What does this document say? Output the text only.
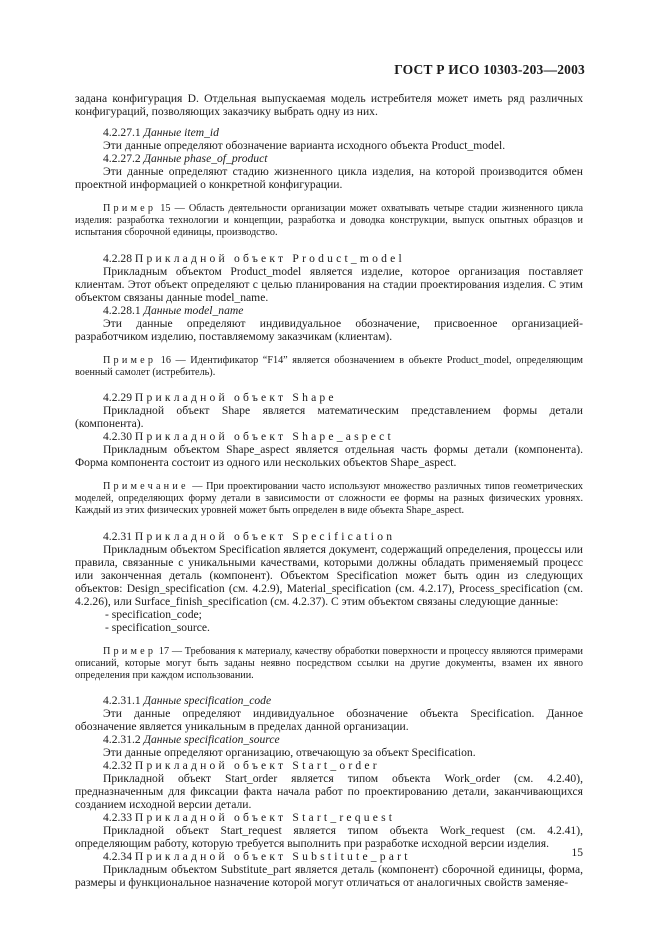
ГОСТ Р ИСО 10303-203—2003

задана конфигурация D. Отдельная выпускаемая модель истребителя может иметь ряд различных конфигураций, позволяющих заказчику выбрать одну из них.

4.2.27.1 Данные item_id

Эти данные определяют обозначение варианта исходного объекта Product_model.

4.2.27.2 Данные phase_of_product

Эти данные определяют стадию жизненного цикла изделия, на которой производится обмен проектной информацией о конкретной конфигурации.

Пример 15 — Область деятельности организации может охватывать четыре стадии жизненного цикла изделия: разработка технологии и концепции, разработка и доводка конструкции, выпуск опытных образцов и испытания сборочной единицы, производство.

4.2.28 Прикладной объект Product_model

Прикладным объектом Product_model является изделие, которое организация поставляет клиентам. Этот объект определяют с целью планирования на стадии проектирования изделия. С этим объектом связаны данные model_name.

4.2.28.1 Данные model_name

Эти данные определяют индивидуальное обозначение, присвоенное организацией-разработчиком изделию, поставляемому заказчикам (клиентам).

Пример 16 — Идентификатор “F14” является обозначением в объекте Product_model, определяющим военный самолет (истребитель).

4.2.29 Прикладной объект Shape

Прикладной объект Shape является математическим представлением формы детали (компонента).

4.2.30 Прикладной объект Shape_aspect

Прикладным объектом Shape_aspect является отдельная часть формы детали (компонента). Форма компонента состоит из одного или нескольких объектов Shape_aspect.

Примечание — При проектировании часто используют множество различных типов геометрических моделей, определяющих форму детали в зависимости от сложности ее формы на разных физических уровнях. Каждый из этих физических уровней может быть определен в виде объекта Shape_aspect.

4.2.31 Прикладной объект Specification

Прикладным объектом Specification является документ, содержащий определения, процессы или правила, связанные с уникальными качествами, которыми должны обладать применяемый процесс или законченная деталь (компонент). Объектом Specification может быть один из следующих объектов: Design_specification (см. 4.2.9), Material_specification (см. 4.2.17), Process_specification (см. 4.2.26), или Surface_finish_specification (см. 4.2.37). С этим объектом связаны следующие данные:

- specification_code;

- specification_source.

Пример 17 — Требования к материалу, качеству обработки поверхности и процессу являются примерами описаний, которые могут быть заданы неявно посредством ссылки на другие документы, взамен их явного определения при каждом использовании.

4.2.31.1 Данные specification_code

Эти данные определяют индивидуальное обозначение объекта Specification. Данное обозначение является уникальным в пределах данной организации.

4.2.31.2 Данные specification_source

Эти данные определяют организацию, отвечающую за объект Specification.

4.2.32 Прикладной объект Start_order

Прикладной объект Start_order является типом объекта Work_order (см. 4.2.40), предназначенным для фиксации факта начала работ по проектированию детали, заканчивающихся созданием исходной версии детали.

4.2.33 Прикладной объект Start_request

Прикладной объект Start_request является типом объекта Work_request (см. 4.2.41), определяющим работу, которую требуется выполнить при разработке исходной версии изделия.

4.2.34 Прикладной объект Substitute_part

Прикладным объектом Substitute_part является деталь (компонент) сборочной единицы, форма, размеры и функциональное назначение которой могут отличаться от аналогичных свойств заменяе-

15
